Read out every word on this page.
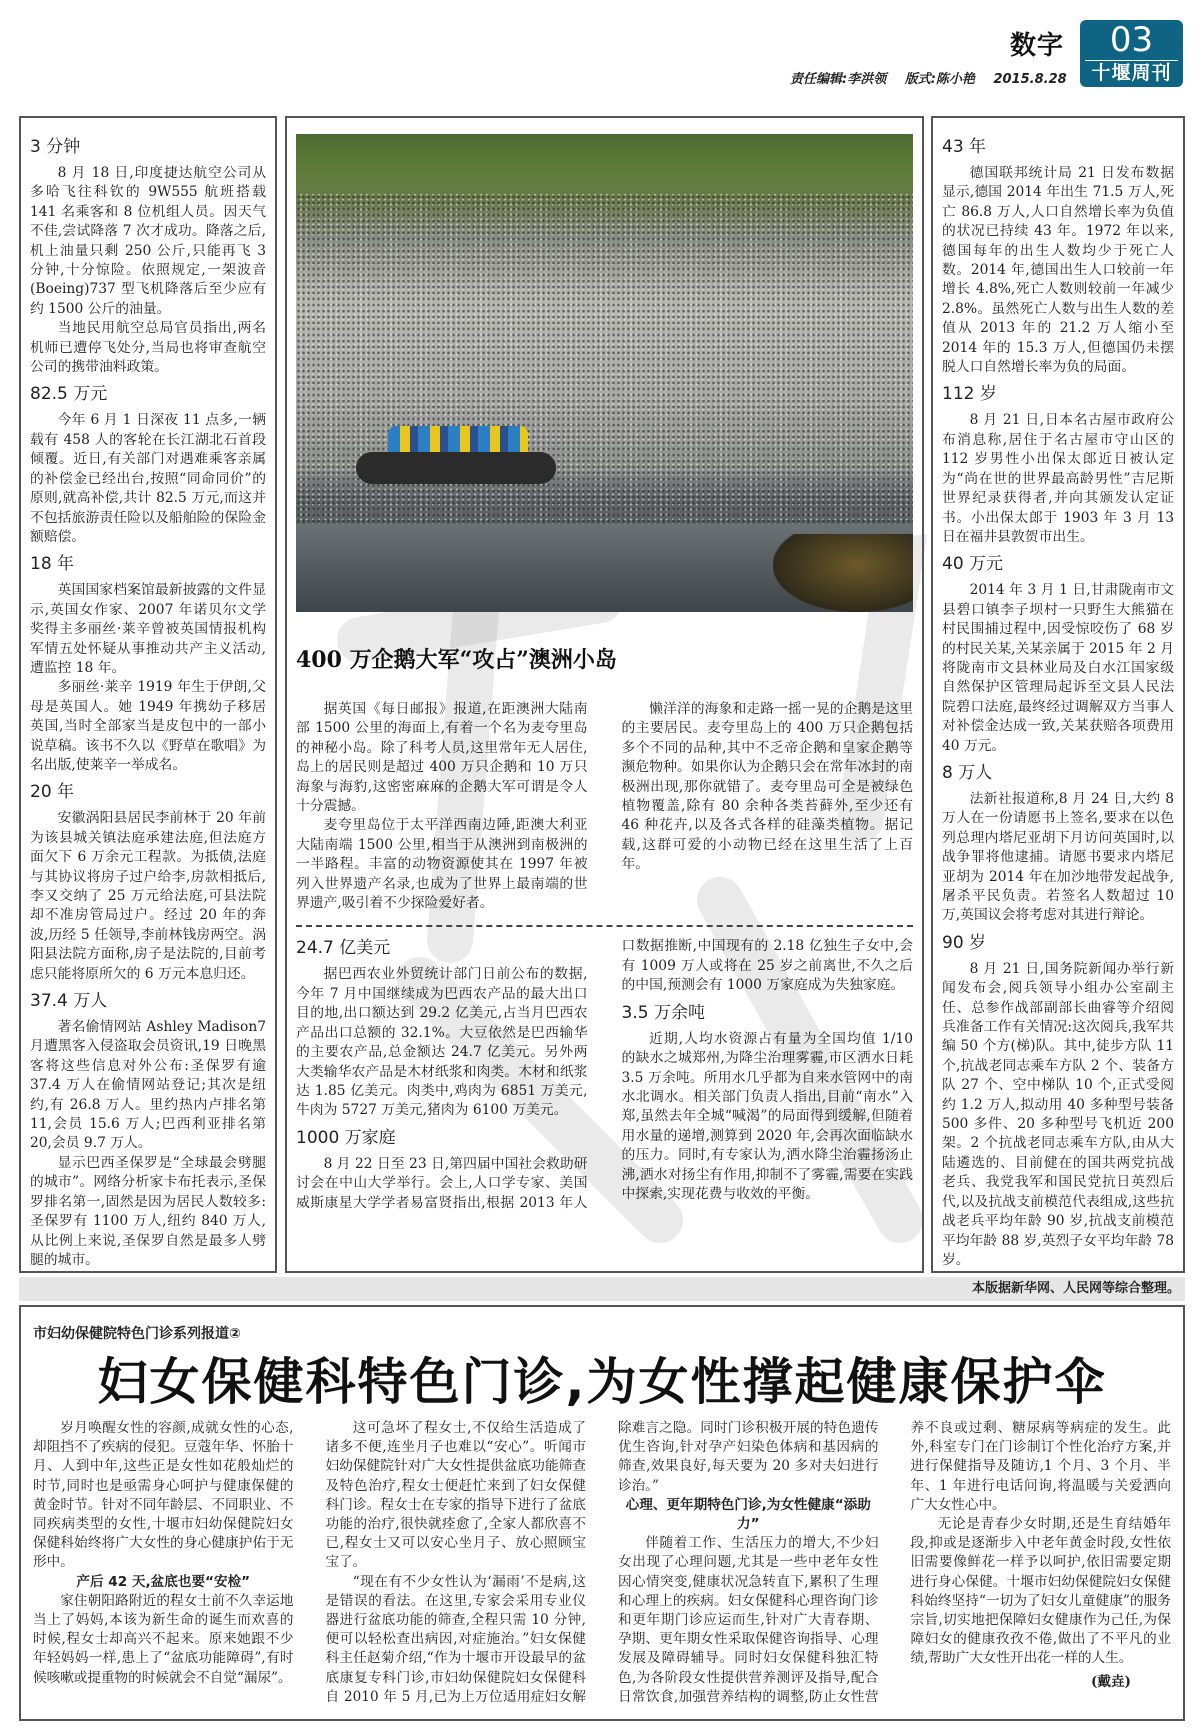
数字
责任编辑:李洪领 版式:陈小艳 2015.8.28
03
十堰周刊
3 分钟

8 月 18 日,印度捷达航空公司从多哈飞往科钦的 9W555 航班搭载 141 名乘客和 8 位机组人员。因天气不佳,尝试降落 7 次才成功。降落之后,机上油量只剩 250 公斤,只能再飞 3 分钟,十分惊险。依照规定,一架波音 (Boeing)737 型飞机降落后至少应有约 1500 公斤的油量。

当地民用航空总局官员指出,两名机师已遭停飞处分,当局也将审查航空公司的携带油料政策。

82.5 万元

今年 6 月 1 日深夜 11 点多,一辆载有 458 人的客轮在长江湖北石首段倾覆。近日,有关部门对遇难乘客亲属的补偿金已经出台,按照“同命同价”的原则,就高补偿,共计 82.5 万元,而这并不包括旅游责任险以及船舶险的保险金额赔偿。

18 年

英国国家档案馆最新披露的文件显示,英国女作家、2007 年诺贝尔文学奖得主多丽丝·莱辛曾被英国情报机构军情五处怀疑从事推动共产主义活动,遭监控 18 年。

多丽丝·莱辛 1919 年生于伊朗,父母是英国人。她 1949 年携幼子移居英国,当时全部家当是皮包中的一部小说草稿。该书不久以《野草在歌唱》为名出版,使莱辛一举成名。

20 年

安徽涡阳县居民李前林于 20 年前为该县城关镇法庭承建法庭,但法庭方面欠下 6 万余元工程款。为抵债,法庭与其协议将房子过户给李,房款相抵后,李又交纳了 25 万元给法庭,可县法院却不准房管局过户。经过 20 年的奔波,历经 5 任领导,李前林钱房两空。涡阳县法院方面称,房子是法院的,目前考虑只能将原所欠的 6 万元本息归还。

37.4 万人

著名偷情网站 Ashley Madison7 月遭黑客入侵盗取会员资讯,19 日晚黑客将这些信息对外公布:圣保罗有逾 37.4 万人在偷情网站登记;其次是纽约,有 26.8 万人。里约热内卢排名第 11,会员 15.6 万人;巴西利亚排名第 20,会员 9.7 万人。

显示巴西圣保罗是“全球最会劈腿的城市”。网络分析家卡布托表示,圣保罗排名第一,固然是因为居民人数较多:圣保罗有 1100 万人,纽约 840 万人,从比例上来说,圣保罗自然是最多人劈腿的城市。

400 万企鹅大军“攻占”澳洲小岛

据英国《每日邮报》报道,在距澳洲大陆南部 1500 公里的海面上,有着一个名为麦夸里岛的神秘小岛。除了科考人员,这里常年无人居住,岛上的居民则是超过 400 万只企鹅和 10 万只海象与海豹,这密密麻麻的企鹅大军可谓是令人十分震撼。

麦夸里岛位于太平洋西南边陲,距澳大利亚大陆南端 1500 公里,相当于从澳洲到南极洲的一半路程。丰富的动物资源使其在 1997 年被列入世界遗产名录,也成为了世界上最南端的世界遗产,吸引着不少探险爱好者。

懒洋洋的海象和走路一摇一晃的企鹅是这里的主要居民。麦夸里岛上的 400 万只企鹅包括多个不同的品种,其中不乏帝企鹅和皇家企鹅等濒危物种。如果你认为企鹅只会在常年冰封的南极洲出现,那你就错了。麦夸里岛可全是被绿色植物覆盖,除有 80 余种各类苔藓外,至少还有 46 种花卉,以及各式各样的硅藻类植物。据记载,这群可爱的小动物已经在这里生活了上百年。

24.7 亿美元

据巴西农业外贸统计部门日前公布的数据,今年 7 月中国继续成为巴西农产品的最大出口目的地,出口额达到 29.2 亿美元,占当月巴西农产品出口总额的 32.1%。大豆依然是巴西输华的主要农产品,总金额达 24.7 亿美元。另外两大类输华农产品是木材纸浆和肉类。木材和纸浆达 1.85 亿美元。肉类中,鸡肉为 6851 万美元,牛肉为 5727 万美元,猪肉为 6100 万美元。

1000 万家庭

8 月 22 日至 23 日,第四届中国社会救助研讨会在中山大学举行。会上,人口学专家、美国威斯康星大学学者易富贤指出,根据 2013 年人口数据推断,中国现有的 2.18 亿独生子女中,会有 1009 万人或将在 25 岁之前离世,不久之后的中国,预测会有 1000 万家庭成为失独家庭。

3.5 万余吨

近期,人均水资源占有量为全国均值 1/10 的缺水之城郑州,为降尘治理雾霾,市区洒水日耗 3.5 万余吨。所用水几乎都为自来水管网中的南水北调水。相关部门负责人指出,目前“南水”入郑,虽然去年全城“喊渴”的局面得到缓解,但随着用水量的递增,测算到 2020 年,会再次面临缺水的压力。同时,有专家认为,洒水降尘治霾扬汤止沸,洒水对扬尘有作用,抑制不了雾霾,需要在实践中探索,实现花费与收效的平衡。

43 年

德国联邦统计局 21 日发布数据显示,德国 2014 年出生 71.5 万人,死亡 86.8 万人,人口自然增长率为负值的状况已持续 43 年。1972 年以来,德国每年的出生人数均少于死亡人数。2014 年,德国出生人口较前一年增长 4.8%,死亡人数则较前一年减少 2.8%。虽然死亡人数与出生人数的差值从 2013 年的 21.2 万人缩小至 2014 年的 15.3 万人,但德国仍未摆脱人口自然增长率为负的局面。

112 岁

8 月 21 日,日本名古屋市政府公布消息称,居住于名古屋市守山区的 112 岁男性小出保太郎近日被认定为“尚在世的世界最高龄男性”吉尼斯世界纪录获得者,并向其颁发认定证书。小出保太郎于 1903 年 3 月 13 日在福井县敦贺市出生。

40 万元

2014 年 3 月 1 日,甘肃陇南市文县碧口镇李子坝村一只野生大熊猫在村民围捕过程中,因受惊咬伤了 68 岁的村民关某,关某亲属于 2015 年 2 月将陇南市文县林业局及白水江国家级自然保护区管理局起诉至文县人民法院碧口法庭,最终经过调解双方当事人对补偿金达成一致,关某获赔各项费用 40 万元。

8 万人

法新社报道称,8 月 24 日,大约 8 万人在一份请愿书上签名,要求在以色列总理内塔尼亚胡下月访问英国时,以战争罪将他逮捕。请愿书要求内塔尼亚胡为 2014 年在加沙地带发起战争,屠杀平民负责。若签名人数超过 10 万,英国议会将考虑对其进行辩论。

90 岁

8 月 21 日,国务院新闻办举行新闻发布会,阅兵领导小组办公室副主任、总参作战部副部长曲睿等介绍阅兵准备工作有关情况:这次阅兵,我军共编 50 个方(梯)队。其中,徒步方队 11 个,抗战老同志乘车方队 2 个、装备方队 27 个、空中梯队 10 个,正式受阅约 1.2 万人,拟动用 40 多种型号装备 500 多件、20 多种型号飞机近 200 架。2 个抗战老同志乘车方队,由从大陆遴选的、目前健在的国共两党抗战老兵、我党我军和国民党抗日英烈后代,以及抗战支前模范代表组成,这些抗战老兵平均年龄 90 岁,抗战支前模范平均年龄 88 岁,英烈子女平均年龄 78 岁。

本版据新华网、人民网等综合整理。
市妇幼保健院特色门诊系列报道②
妇女保健科特色门诊,为女性撑起健康保护伞

岁月唤醒女性的容颜,成就女性的心态,却阻挡不了疾病的侵犯。豆蔻年华、怀胎十月、人到中年,这些正是女性如花般灿烂的时节,同时也是亟需身心呵护与健康保健的黄金时节。针对不同年龄层、不同职业、不同疾病类型的女性,十堰市妇幼保健院妇女保健科始终将广大女性的身心健康护佑于无形中。

产后 42 天,盆底也要“安检”

家住朝阳路附近的程女士前不久幸运地当上了妈妈,本该为新生命的诞生而欢喜的时候,程女士却高兴不起来。原来她跟不少年轻妈妈一样,患上了“盆底功能障碍”,有时候咳嗽或提重物的时候就会不自觉“漏尿”。

这可急坏了程女士,不仅给生活造成了诸多不便,连坐月子也难以“安心”。听闻市妇幼保健院针对广大女性提供盆底功能筛查及特色治疗,程女士便赶忙来到了妇女保健科门诊。程女士在专家的指导下进行了盆底功能的治疗,很快就痊愈了,全家人都欣喜不已,程女士又可以安心坐月子、放心照顾宝宝了。

“现在有不少女性认为‘漏雨’不是病,这是错误的看法。在这里,专家会采用专业仪器进行盆底功能的筛查,全程只需 10 分钟,便可以轻松查出病因,对症施治。”妇女保健科主任赵菊介绍,“作为十堰市开设最早的盆底康复专科门诊,市妇幼保健院妇女保健科自 2010 年 5 月,已为上万位适用症妇女解除难言之隐。同时门诊积极开展的特色遗传优生咨询,针对孕产妇染色体病和基因病的筛查,效果良好,每天要为 20 多对夫妇进行诊治。”

心理、更年期特色门诊,为女性健康“添助力”

伴随着工作、生活压力的增大,不少妇女出现了心理问题,尤其是一些中老年女性因心情突变,健康状况急转直下,累积了生理和心理上的疾病。妇女保健科心理咨询门诊和更年期门诊应运而生,针对广大青春期、孕期、更年期女性采取保健咨询指导、心理发展及障碍辅导。同时妇女保健科独汇特色,为各阶段女性提供营养测评及指导,配合日常饮食,加强营养结构的调整,防止女性营养不良或过剩、糖尿病等病症的发生。此外,科室专门在门诊制订个性化治疗方案,并进行保健指导及随访,1 个月、3 个月、半年、1 年进行电话问询,将温暖与关爱洒向广大女性心中。

无论是青春少女时期,还是生育结婚年段,抑或是逐渐步入中老年黄金时段,女性依旧需要像鲜花一样予以呵护,依旧需要定期进行身心保健。十堰市妇幼保健院妇女保健科始终坚持“一切为了妇女儿童健康”的服务宗旨,切实地把保障妇女健康作为己任,为保障妇女的健康孜孜不倦,做出了不平凡的业绩,帮助广大女性开出花一样的人生。

(戴垚)
